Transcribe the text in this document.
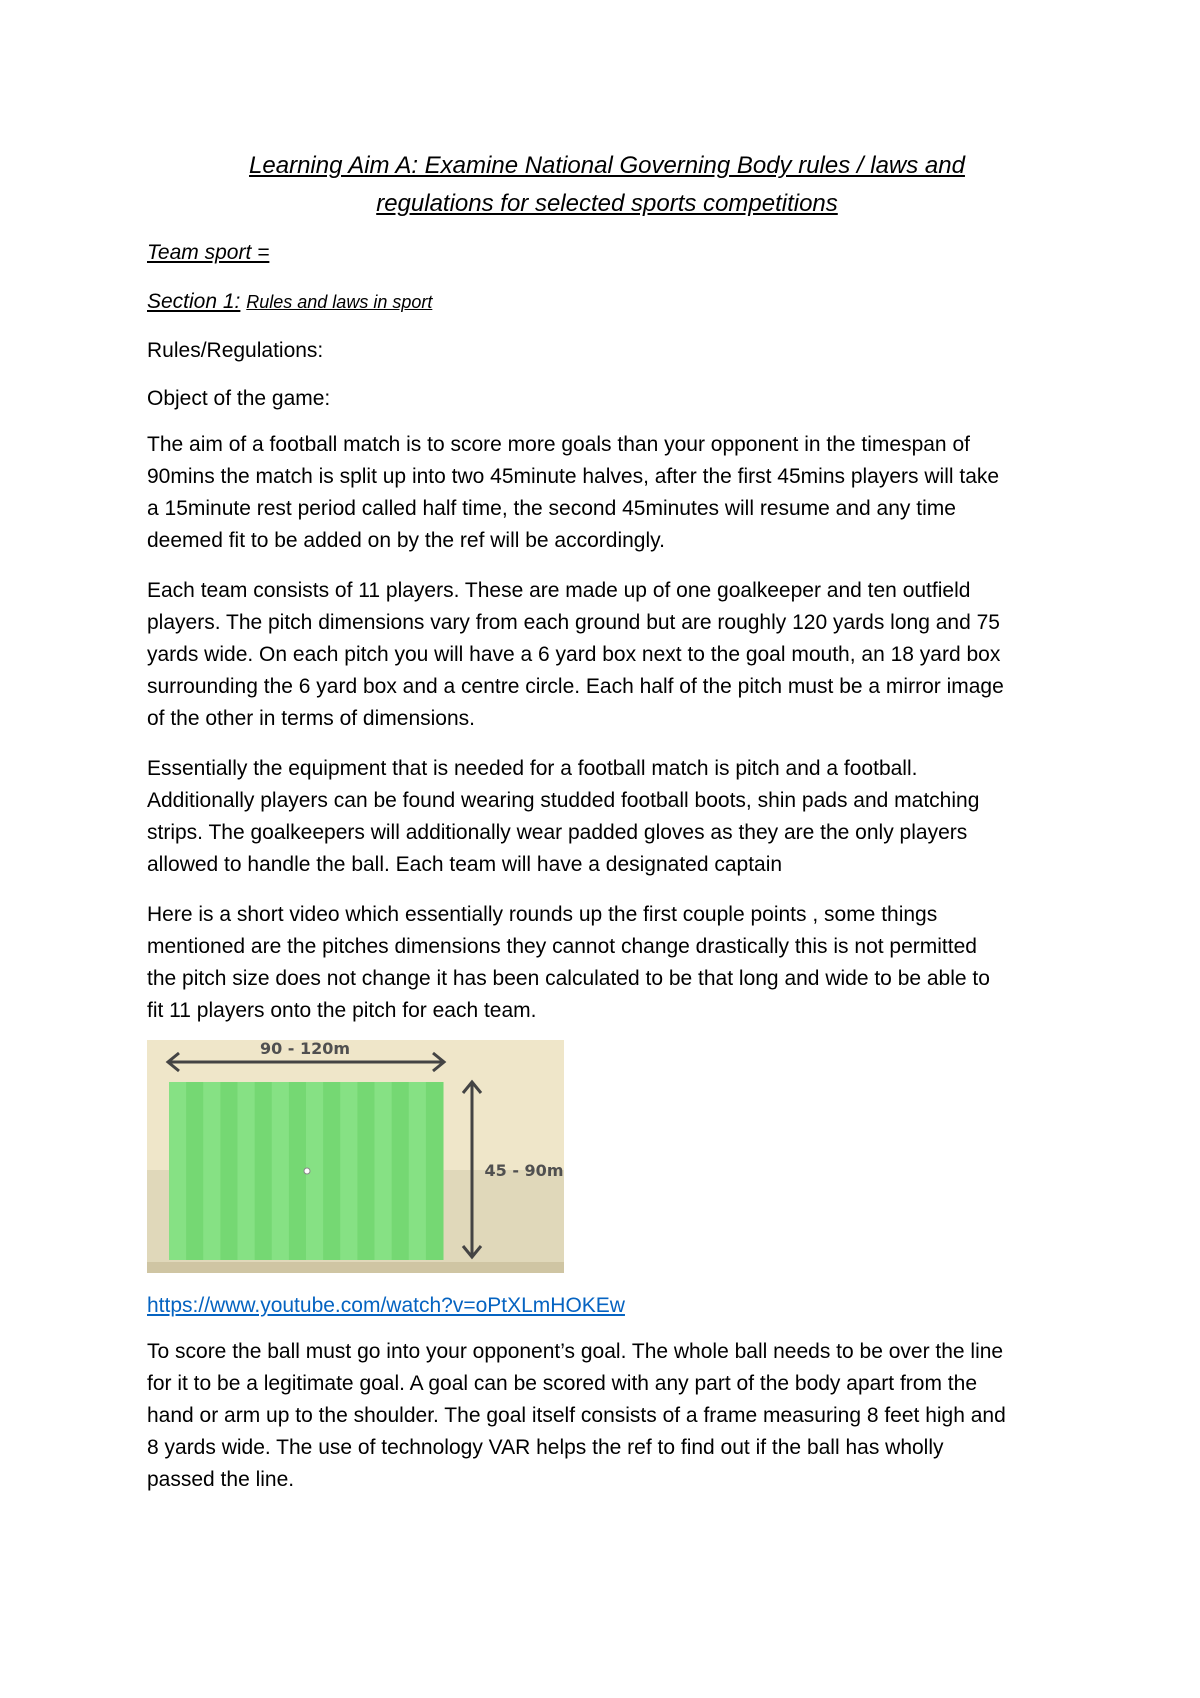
Learning Aim A: Examine National Governing Body rules / laws and
regulations for selected sports competitions
Team sport =
Section 1: Rules and laws in sport
Rules/Regulations:
Object of the game:
The aim of a football match is to score more goals than your opponent in the timespan of
90mins the match is split up into two 45minute halves, after the first 45mins players will take
a 15minute rest period called half time, the second 45minutes will resume and any time
deemed fit to be added on by the ref will be accordingly.
Each team consists of 11 players. These are made up of one goalkeeper and ten outfield
players. The pitch dimensions vary from each ground but are roughly 120 yards long and 75
yards wide. On each pitch you will have a 6 yard box next to the goal mouth, an 18 yard box
surrounding the 6 yard box and a centre circle. Each half of the pitch must be a mirror image
of the other in terms of dimensions.
Essentially the equipment that is needed for a football match is pitch and a football.
Additionally players can be found wearing studded football boots, shin pads and matching
strips. The goalkeepers will additionally wear padded gloves as they are the only players
allowed to handle the ball. Each team will have a designated captain
Here is a short video which essentially rounds up the first couple points , some things
mentioned are the pitches dimensions they cannot change drastically this is not permitted
the pitch size does not change it has been calculated to be that long and wide to be able to
fit 11 players onto the pitch for each team.
90 - 120m
45 - 90m
https://www.youtube.com/watch?v=oPtXLmHOKEw
To score the ball must go into your opponent’s goal. The whole ball needs to be over the line
for it to be a legitimate goal. A goal can be scored with any part of the body apart from the
hand or arm up to the shoulder. The goal itself consists of a frame measuring 8 feet high and
8 yards wide. The use of technology VAR helps the ref to find out if the ball has wholly
passed the line.
